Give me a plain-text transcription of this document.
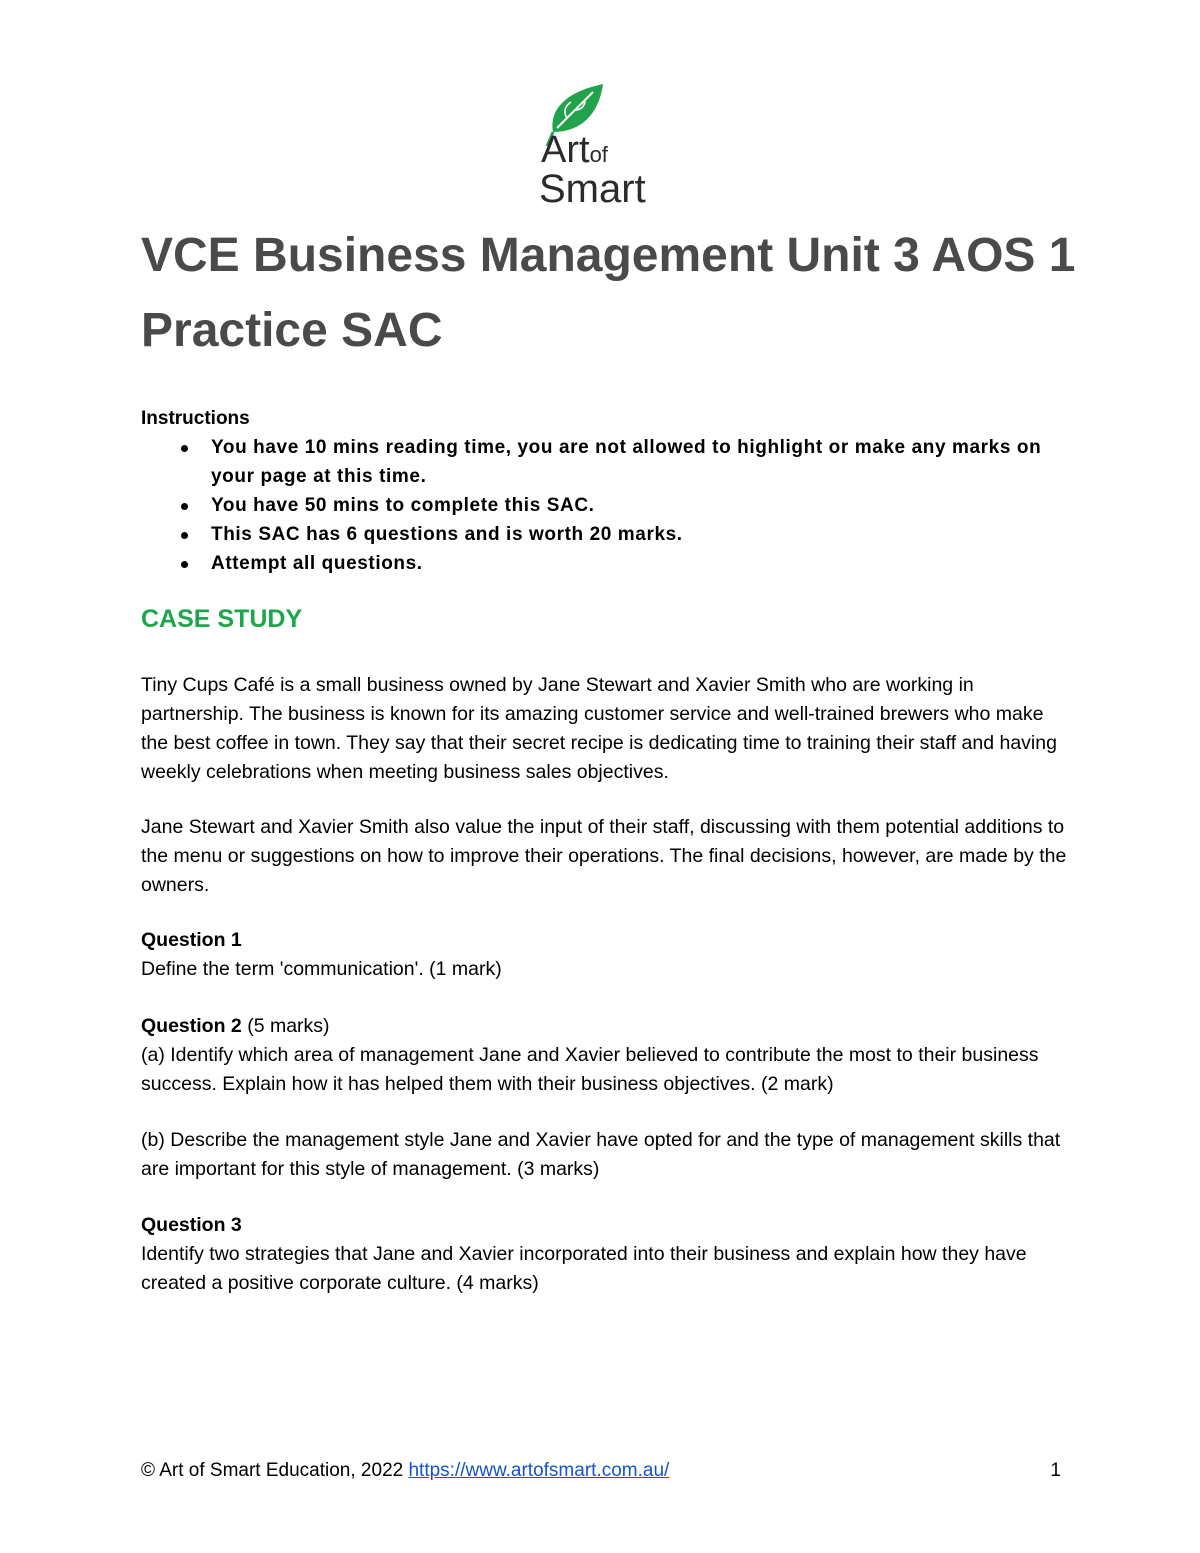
Artof
Smart
VCE Business Management Unit 3 AOS 1 Practice SAC
Instructions
You have 10 mins reading time, you are not allowed to highlight or make any marks on your page at this time.
You have 50 mins to complete this SAC.
This SAC has 6 questions and is worth 20 marks.
Attempt all questions.
CASE STUDY

Tiny Cups Café is a small business owned by Jane Stewart and Xavier Smith who are working in partnership. The business is known for its amazing customer service and well-trained brewers who make the best coffee in town. They say that their secret recipe is dedicating time to training their staff and having weekly celebrations when meeting business sales objectives.

Jane Stewart and Xavier Smith also value the input of their staff, discussing with them potential additions to the menu or suggestions on how to improve their operations. The final decisions, however, are made by the owners.

Question 1

Define the term 'communication'. (1 mark)

Question 2 (5 marks)

(a) Identify which area of management Jane and Xavier believed to contribute the most to their business success. Explain how it has helped them with their business objectives. (2 mark)

(b) Describe the management style Jane and Xavier have opted for and the type of management skills that are important for this style of management. (3 marks)

Question 3

Identify two strategies that Jane and Xavier incorporated into their business and explain how they have created a positive corporate culture. (4 marks)

© Art of Smart Education, 2022 https://www.artofsmart.com.au/	1
